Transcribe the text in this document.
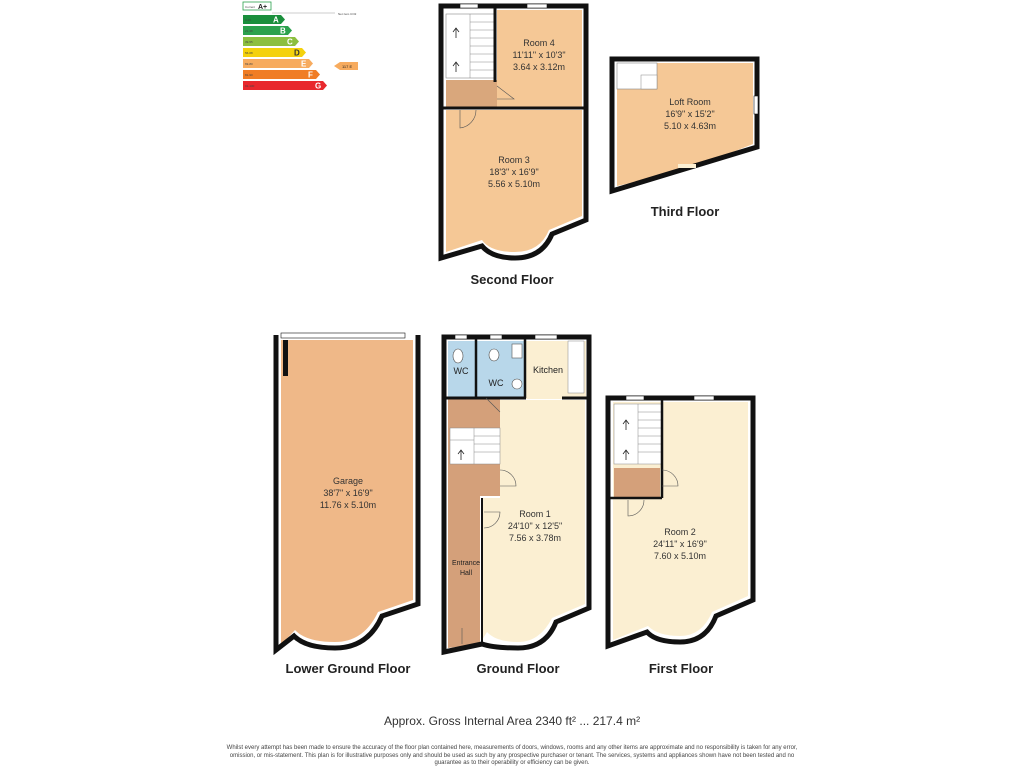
Current A+
Net zero CO2
0-20	A
21-38	B
39-55	C
56-68	D
69-80	E
81-90	F
91-100	G
117 E
Room 4
11'11" x 10'3"
3.64 x 3.12m
Room 3
18'3" x 16'9"
5.56 x 5.10m
Second Floor
Loft Room
16'9" x 15'2"
5.10 x 4.63m
Third Floor
Garage
38'7" x 16'9"
11.76 x 5.10m
Lower Ground Floor
WC
WC
Kitchen
Entrance
Hall
Room 1
24'10" x 12'5"
7.56 x 3.78m
Ground Floor
Room 2
24'11" x 16'9"
7.60 x 5.10m
First Floor
Approx. Gross Internal Area 2340 ft² ... 217.4 m²
Whilst every attempt has been made to ensure the accuracy of the floor plan contained here, measurements of doors, windows, rooms and any other items are approximate and no responsibility is taken for any error, omission, or mis-statement. This plan is for illustrative purposes only and should be used as such by any prospective purchaser or tenant. The services, systems and appliances shown have not been tested and no guarantee as to their operability or efficiency can be given.
